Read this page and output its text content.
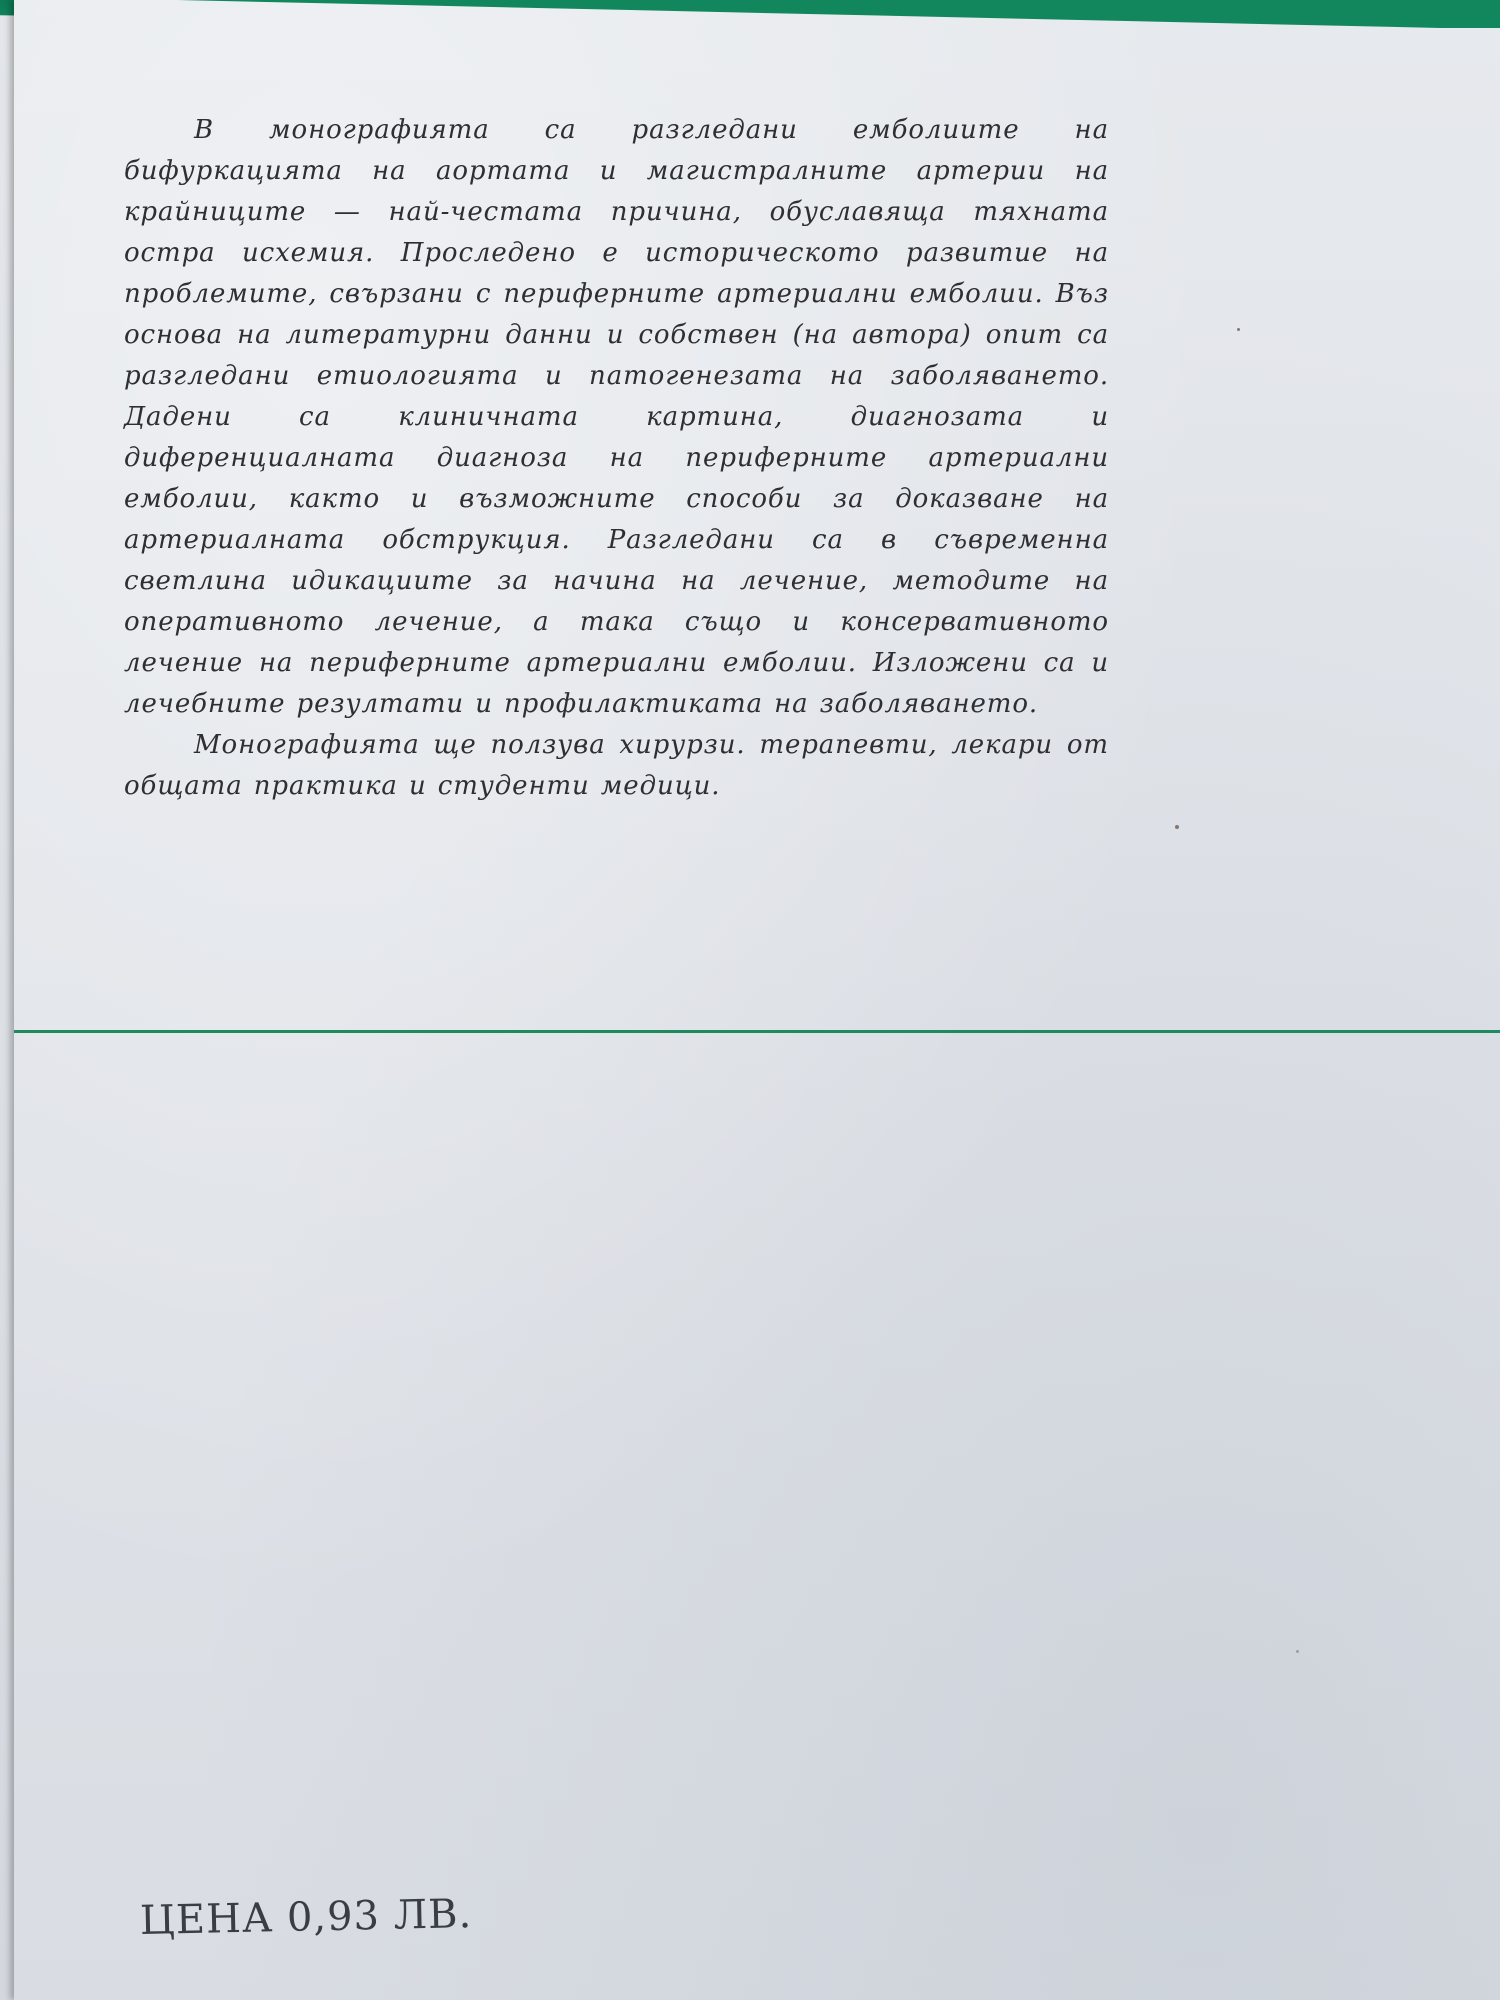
В монографията са разгледани емболиите на бифуркацията на аортата и магистралните артерии на крайниците — най-честата причина, обуславяща тяхната остра исхемия. Проследено е историческото развитие на проблемите, свързани с периферните артериални емболии. Въз основа на литературни данни и собствен (на автора) опит са разгледани етиологията и патогенезата на заболяването. Дадени са клиничната картина, диагнозата и диференциалната диагноза на периферните артериални емболии, както и възможните способи за доказване на артериалната обструкция. Разгледани са в съвременна светлина идикациите за начина на лечение, методите на оперативното лечение, а така също и консервативното лечение на периферните артериални емболии. Изложени са и лечебните резултати и профилактиката на заболяването.

Монографията ще ползува хирурзи. терапевти, лекари от общата практика и студенти медици.

ЦЕНА 0,93 ЛВ.
